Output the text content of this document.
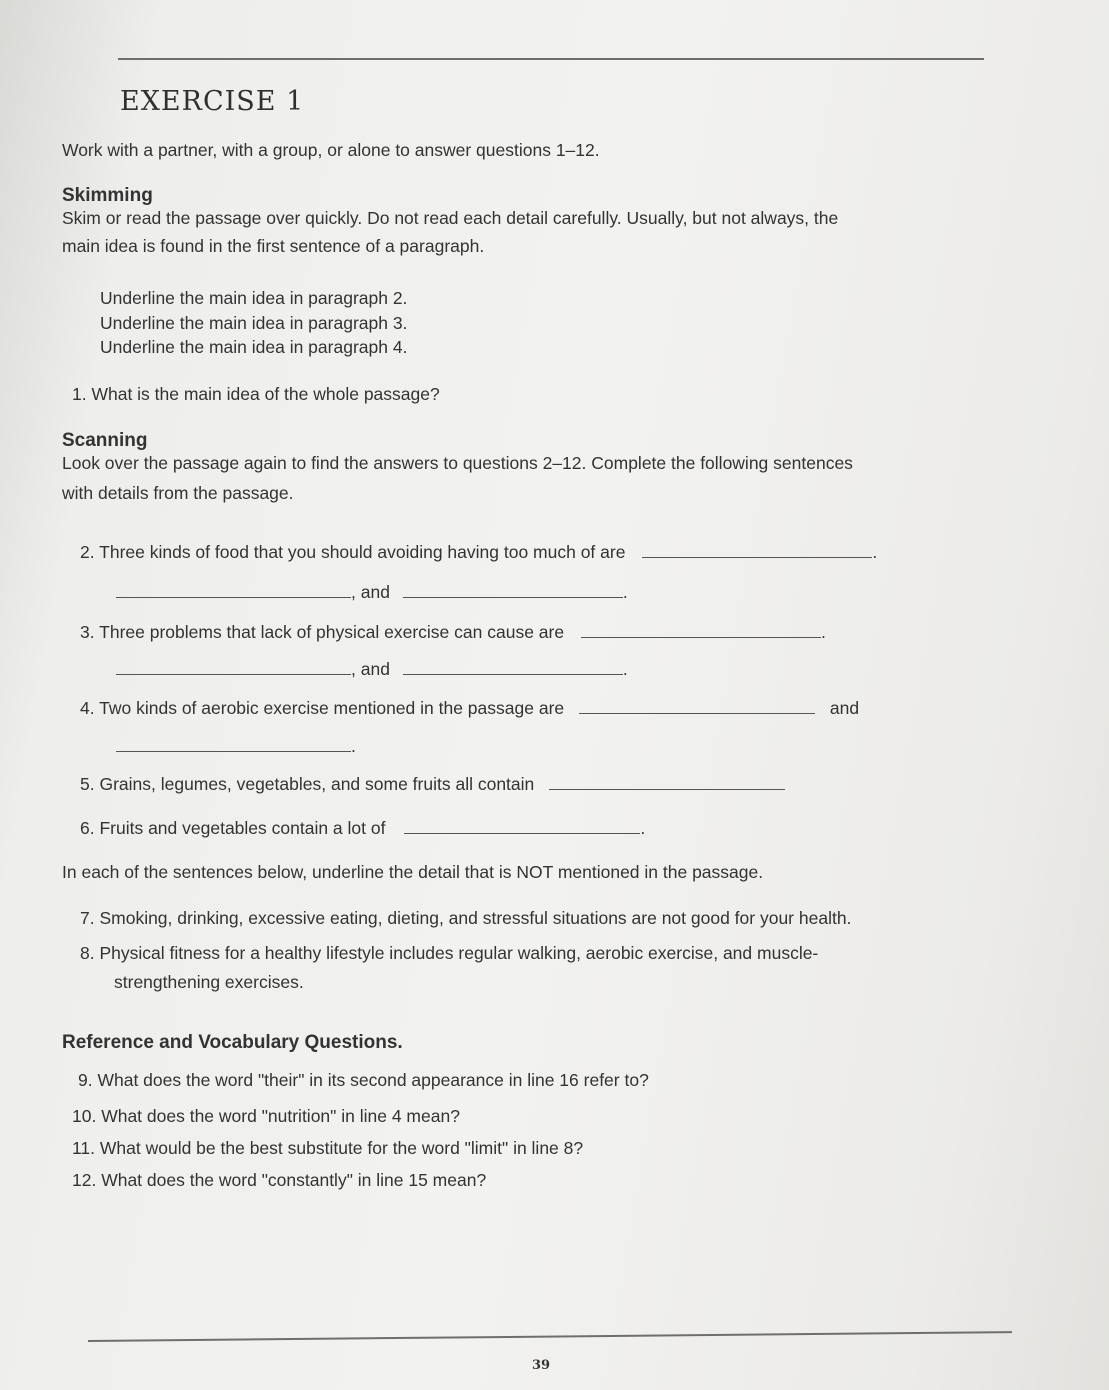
EXERCISE 1
Work with a partner, with a group, or alone to answer questions 1–12.
Skimming
Skim or read the passage over quickly. Do not read each detail carefully. Usually, but not always, the
main idea is found in the first sentence of a paragraph.
Underline the main idea in paragraph 2.
Underline the main idea in paragraph 3.
Underline the main idea in paragraph 4.
1. What is the main idea of the whole passage?
Scanning
Look over the passage again to find the answers to questions 2–12. Complete the following sentences
with details from the passage.
2. Three kinds of food that you should avoiding having too much of are	.
, and	.
3. Three problems that lack of physical exercise can cause are	.
, and	.
4. Two kinds of aerobic exercise mentioned in the passage are	and
.
5. Grains, legumes, vegetables, and some fruits all contain
6. Fruits and vegetables contain a lot of	.
In each of the sentences below, underline the detail that is NOT mentioned in the passage.
7. Smoking, drinking, excessive eating, dieting, and stressful situations are not good for your health.
8. Physical fitness for a healthy lifestyle includes regular walking, aerobic exercise, and muscle-
strengthening exercises.
Reference and Vocabulary Questions.
9. What does the word "their" in its second appearance in line 16 refer to?
10. What does the word "nutrition" in line 4 mean?
11. What would be the best substitute for the word "limit" in line 8?
12. What does the word "constantly" in line 15 mean?
39
